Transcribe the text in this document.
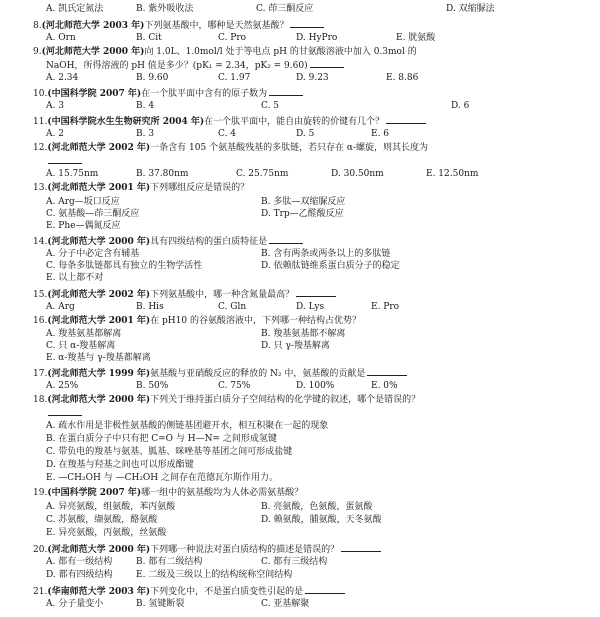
A. 凯氏定氮法	B. 紫外吸收法	C. 茚三酮反应	D. 双缩脲法
8.(河北师范大学 2003 年)下列氨基酸中，哪种是天然氨基酸？
A. Orn	B. Cit	C. Pro	D. HyPro	E. 胱氨酸
9.(河北师范大学 2000 年)向 1.0L、1.0mol/l 处于等电点 pH 的甘氨酸溶液中加入 0.3mol 的
NaOH，所得溶液的 pH 值是多少？(pK₁ = 2.34，pK₂ = 9.60)
A. 2.34	B. 9.60	C. 1.97	D. 9.23	E. 8.86
10.(中国科学院 2007 年)在一个肽平面中含有的原子数为
A. 3	B. 4	C. 5	D. 6
11.(中国科学院水生生物研究所 2004 年)在一个肽平面中，能自由旋转的价键有几个？
A. 2	B. 3	C. 4	D. 5	E. 6
12.(河北师范大学 2002 年)一条含有 105 个氨基酸残基的多肽链，若只存在 α-螺旋，则其长度为
A. 15.75nm	B. 37.80nm	C. 25.75nm	D. 30.50nm	E. 12.50nm
13.(河北师范大学 2001 年)下列哪组反应是错误的？
A. Arg—坂口反应	B. 多肽—双缩脲反应
C. 氨基酸—茚三酮反应	D. Trp—乙醛酸反应
E. Phe—偶氮反应
14.(河北师范大学 2000 年)具有四级结构的蛋白质特征是
A. 分子中必定含有辅基	B. 含有两条或两条以上的多肽链
C. 每条多肽链都具有独立的生物学活性	D. 依赖肽链维系蛋白质分子的稳定
E. 以上都不对
15.(河北师范大学 2002 年)下列氨基酸中，哪一种含氮量最高？
A. Arg	B. His	C. Gln	D. Lys	E. Pro
16.(河北师范大学 2001 年)在 pH10 的谷氨酸溶液中，下列哪一种结构占优势？
A. 羧基氨基都解离	B. 羧基氨基都不解离
C. 只 α-羧基解离	D. 只 γ-羧基解离
E. α-羧基与 γ-羧基都解离
17.(河北师范大学 1999 年)氨基酸与亚硝酸反应的释放的 N₂ 中，氨基酸的贡献是
A. 25%	B. 50%	C. 75%	D. 100%	E. 0%
18.(河北师范大学 2000 年)下列关于维持蛋白质分子空间结构的化学键的叙述，哪个是错误的？
A. 疏水作用是非极性氨基酸的侧链基团避开水，相互积聚在一起的现象
B. 在蛋白质分子中只有把 C=O 与 H—N= 之间形成氢键
C. 带负电的羧基与氨基、胍基、咪唑基等基团之间可形成盐键
D. 在羧基与羟基之间也可以形成酯键
E. —CH₂OH 与 —CH₂OH 之间存在范德瓦尔斯作用力。
19.(中国科学院 2007 年)哪一组中的氨基酸均为人体必需氨基酸？
A. 异亮氨酸，组氨酸，苯丙氨酸	B. 亮氨酸，色氨酸，蛋氨酸
C. 苏氨酸，缬氨酸，酪氨酸	D. 赖氨酸，脯氨酸，天冬氨酸
E. 异亮氨酸，丙氨酸，丝氨酸
20.(河北师范大学 2000 年)下列哪一种说法对蛋白质结构的描述是错误的？
A. 都有一级结构	B. 都有二级结构	C. 都有三级结构
D. 都有四级结构	E. 二级及三级以上的结构统称空间结构
21.(华南师范大学 2003 年)下列变化中，不是蛋白质变性引起的是
A. 分子量变小	B. 氢键断裂	C. 亚基解聚
